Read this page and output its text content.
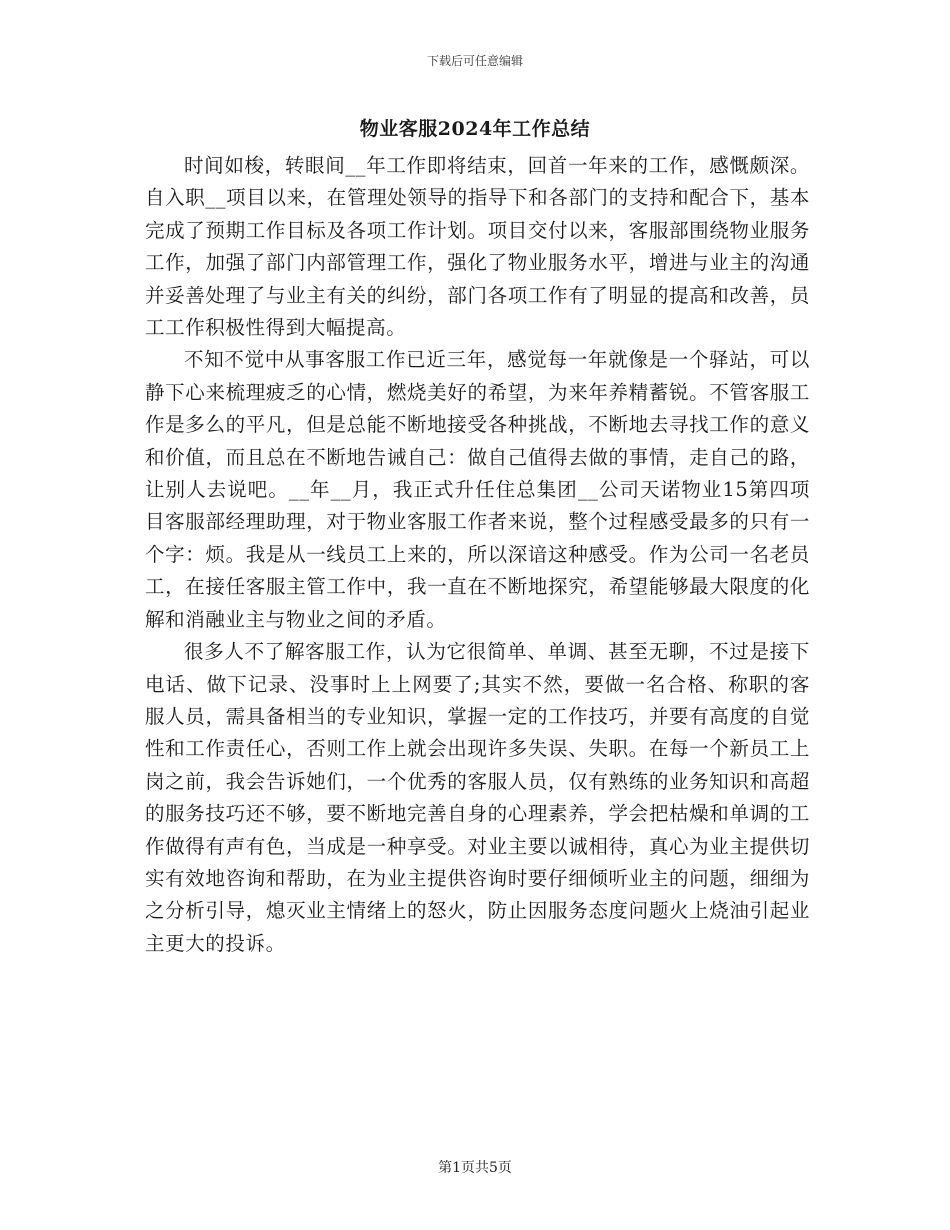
下载后可任意编辑
物业客服2024年工作总结

时间如梭，转眼间__年工作即将结束，回首一年来的工作，感慨颇深。自入职__项目以来，在管理处领导的指导下和各部门的支持和配合下，基本完成了预期工作目标及各项工作计划。项目交付以来，客服部围绕物业服务工作，加强了部门内部管理工作，强化了物业服务水平，增进与业主的沟通并妥善处理了与业主有关的纠纷，部门各项工作有了明显的提高和改善，员工工作积极性得到大幅提高。

不知不觉中从事客服工作已近三年，感觉每一年就像是一个驿站，可以静下心来梳理疲乏的心情，燃烧美好的希望，为来年养精蓄锐。不管客服工作是多么的平凡，但是总能不断地接受各种挑战，不断地去寻找工作的意义和价值，而且总在不断地告诫自己：做自己值得去做的事情，走自己的路，让别人去说吧。__年__月，我正式升任住总集团__公司天诺物业15第四项目客服部经理助理，对于物业客服工作者来说，整个过程感受最多的只有一个字：烦。我是从一线员工上来的，所以深谙这种感受。作为公司一名老员工，在接任客服主管工作中，我一直在不断地探究，希望能够最大限度的化解和消融业主与物业之间的矛盾。

很多人不了解客服工作，认为它很简单、单调、甚至无聊，不过是接下电话、做下记录、没事时上上网要了;其实不然，要做一名合格、称职的客服人员，需具备相当的专业知识，掌握一定的工作技巧，并要有高度的自觉性和工作责任心，否则工作上就会出现许多失误、失职。在每一个新员工上岗之前，我会告诉她们，一个优秀的客服人员，仅有熟练的业务知识和高超的服务技巧还不够，要不断地完善自身的心理素养，学会把枯燥和单调的工作做得有声有色，当成是一种享受。对业主要以诚相待，真心为业主提供切实有效地咨询和帮助，在为业主提供咨询时要仔细倾听业主的问题，细细为之分析引导，熄灭业主情绪上的怒火，防止因服务态度问题火上烧油引起业主更大的投诉。

第1页共5页
